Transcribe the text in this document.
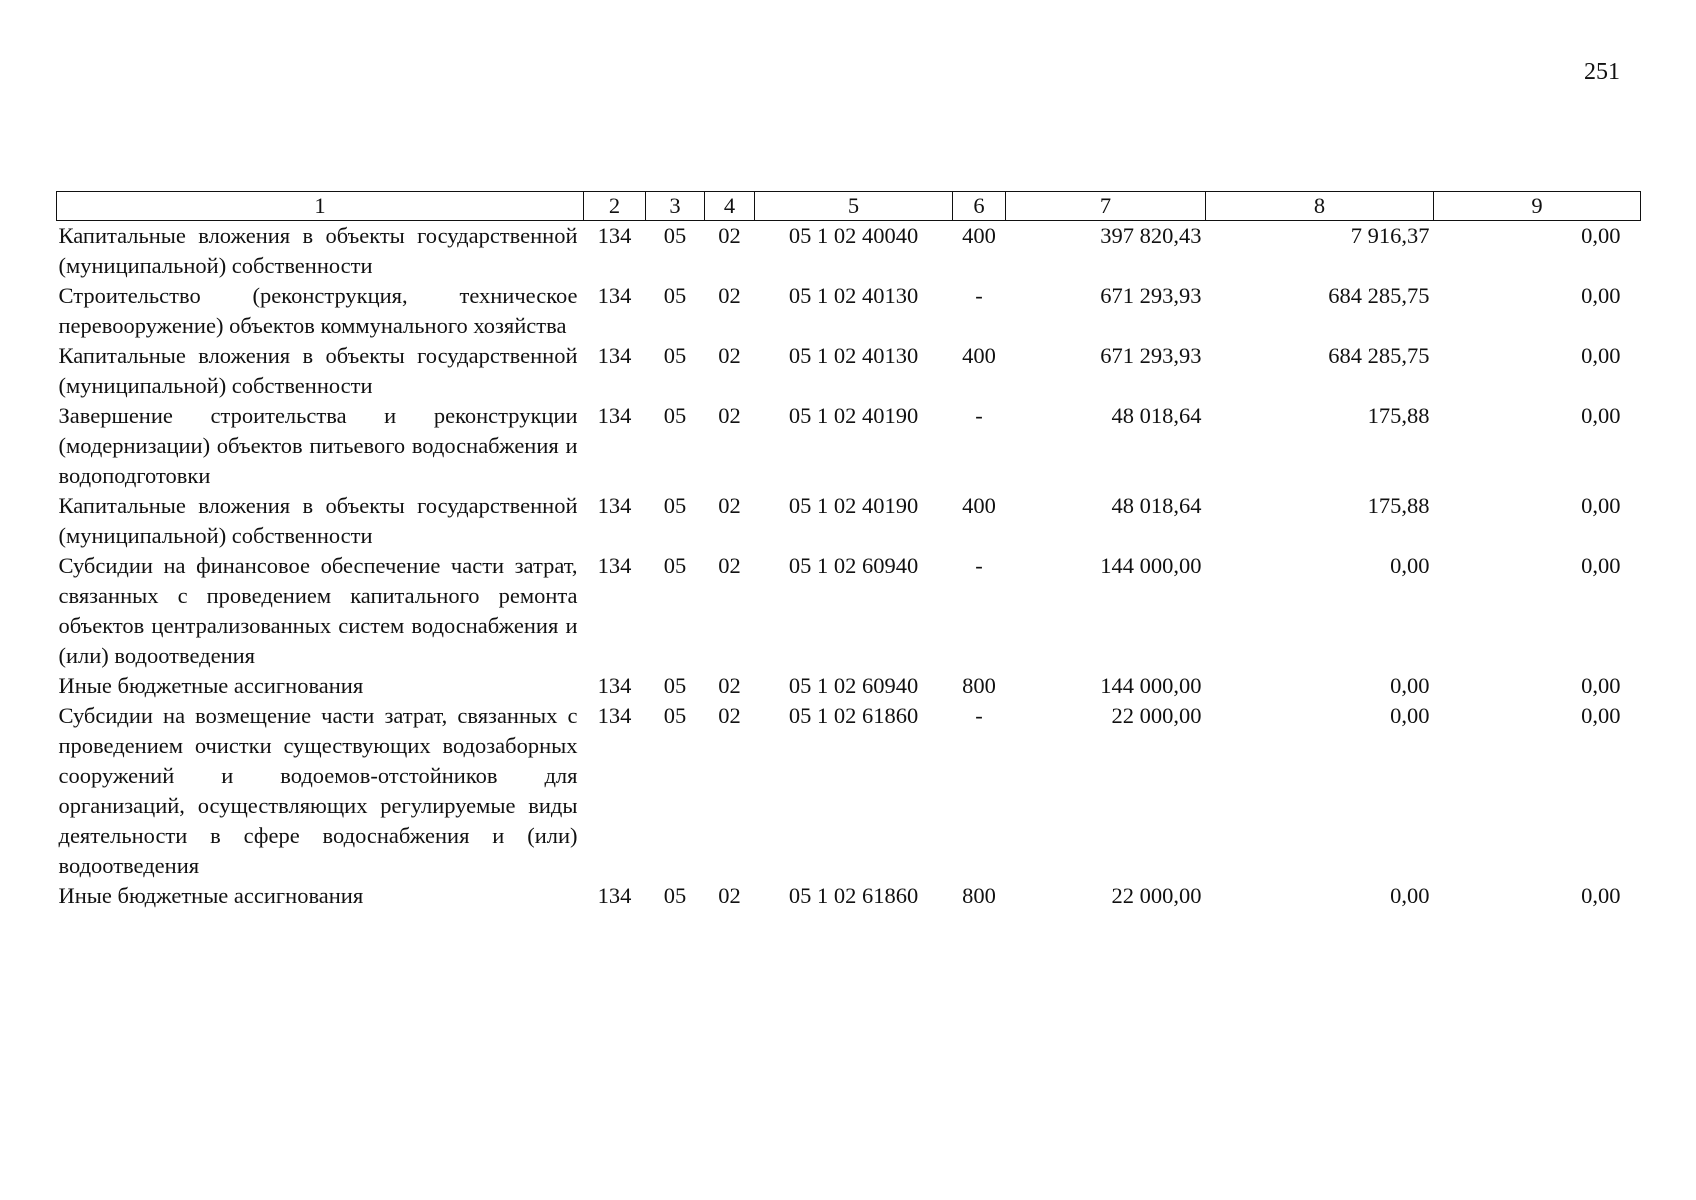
251
1	2	3	4	5	6	7	8	9
Капитальные вложения в объекты государственной (муниципальной) собственности	134	05	02	05 1 02 40040	400	397 820,43	7 916,37	0,00
Строительство (реконструкция, техническое перевооружение) объектов коммунального хозяйства	134	05	02	05 1 02 40130	-	671 293,93	684 285,75	0,00
Капитальные вложения в объекты государственной (муниципальной) собственности	134	05	02	05 1 02 40130	400	671 293,93	684 285,75	0,00
Завершение строительства и реконструкции (модернизации) объектов питьевого водоснабжения и водоподготовки	134	05	02	05 1 02 40190	-	48 018,64	175,88	0,00
Капитальные вложения в объекты государственной (муниципальной) собственности	134	05	02	05 1 02 40190	400	48 018,64	175,88	0,00
Субсидии на финансовое обеспечение части затрат, связанных с проведением капитального ремонта объектов централизованных систем водоснабжения и (или) водоотведения	134	05	02	05 1 02 60940	-	144 000,00	0,00	0,00
Иные бюджетные ассигнования	134	05	02	05 1 02 60940	800	144 000,00	0,00	0,00
Субсидии на возмещение части затрат, связанных с проведением очистки существующих водозаборных сооружений и водоемов-отстойников для организаций, осуществляющих регулируемые виды деятельности в сфере водоснабжения и (или) водоотведения	134	05	02	05 1 02 61860	-	22 000,00	0,00	0,00
Иные бюджетные ассигнования	134	05	02	05 1 02 61860	800	22 000,00	0,00	0,00
